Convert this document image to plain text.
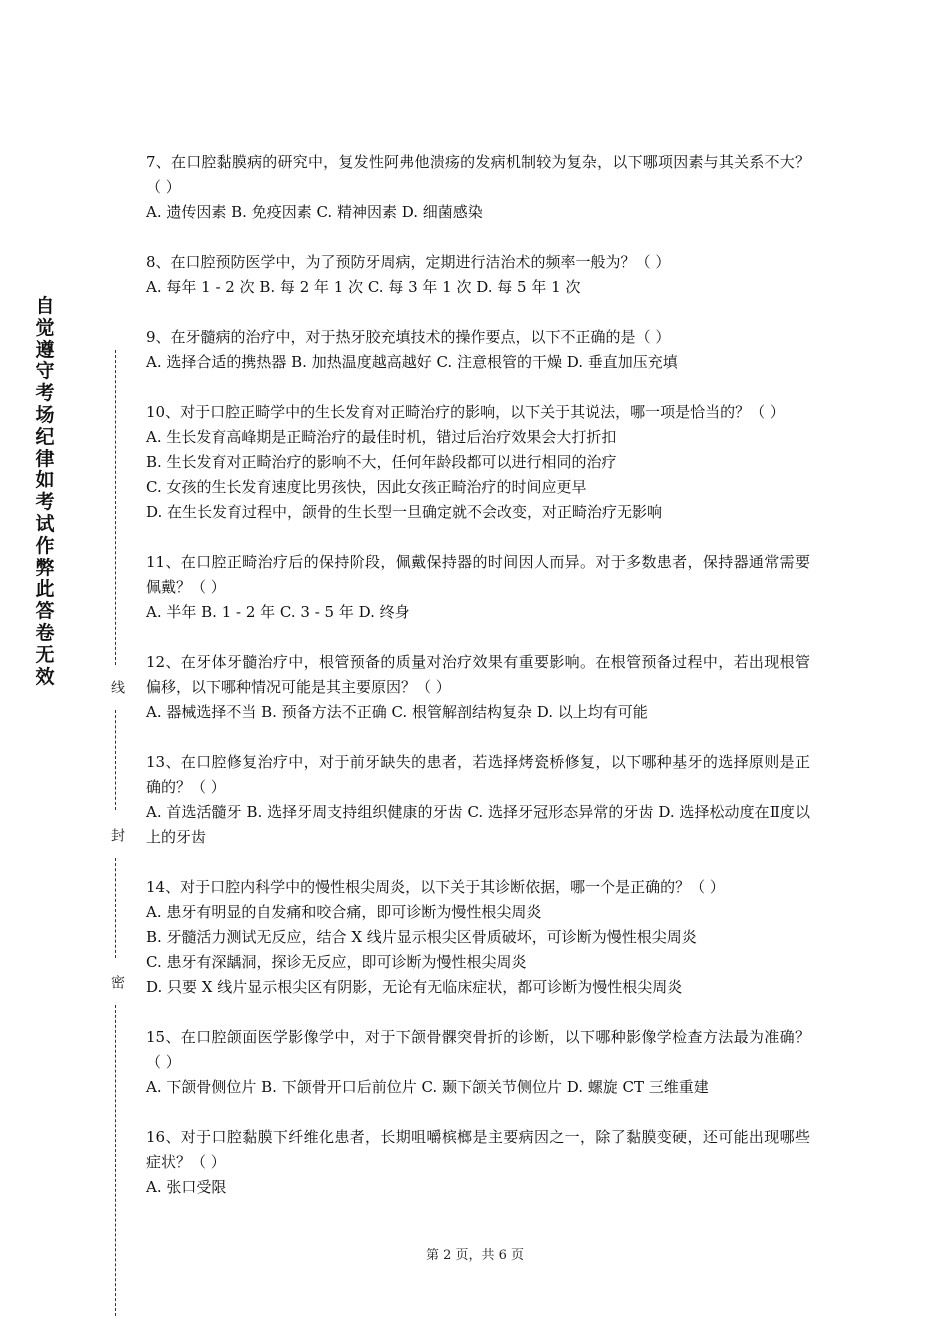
自觉遵守考场纪律如考试作弊此答卷无效	线
封
密

7、在口腔黏膜病的研究中，复发性阿弗他溃疡的发病机制较为复杂，以下哪项因素与其关系不大？（ ）

A. 遗传因素 B. 免疫因素 C. 精神因素 D. 细菌感染

8、在口腔预防医学中，为了预防牙周病，定期进行洁治术的频率一般为？（ ）

A. 每年 1 - 2 次 B. 每 2 年 1 次 C. 每 3 年 1 次 D. 每 5 年 1 次

9、在牙髓病的治疗中，对于热牙胶充填技术的操作要点，以下不正确的是（ ）

A. 选择合适的携热器 B. 加热温度越高越好 C. 注意根管的干燥 D. 垂直加压充填

10、对于口腔正畸学中的生长发育对正畸治疗的影响，以下关于其说法，哪一项是恰当的？（ ）

A. 生长发育高峰期是正畸治疗的最佳时机，错过后治疗效果会大打折扣

B. 生长发育对正畸治疗的影响不大，任何年龄段都可以进行相同的治疗

C. 女孩的生长发育速度比男孩快，因此女孩正畸治疗的时间应更早

D. 在生长发育过程中，颌骨的生长型一旦确定就不会改变，对正畸治疗无影响

11、在口腔正畸治疗后的保持阶段，佩戴保持器的时间因人而异。对于多数患者，保持器通常需要佩戴？（ ）

A. 半年 B. 1 - 2 年 C. 3 - 5 年 D. 终身

12、在牙体牙髓治疗中，根管预备的质量对治疗效果有重要影响。在根管预备过程中，若出现根管偏移，以下哪种情况可能是其主要原因？（ ）

A. 器械选择不当 B. 预备方法不正确 C. 根管解剖结构复杂 D. 以上均有可能

13、在口腔修复治疗中，对于前牙缺失的患者，若选择烤瓷桥修复，以下哪种基牙的选择原则是正确的？（ ）

A. 首选活髓牙 B. 选择牙周支持组织健康的牙齿 C. 选择牙冠形态异常的牙齿 D. 选择松动度在Ⅱ度以上的牙齿

14、对于口腔内科学中的慢性根尖周炎，以下关于其诊断依据，哪一个是正确的？（ ）

A. 患牙有明显的自发痛和咬合痛，即可诊断为慢性根尖周炎

B. 牙髓活力测试无反应，结合 X 线片显示根尖区骨质破坏，可诊断为慢性根尖周炎

C. 患牙有深龋洞，探诊无反应，即可诊断为慢性根尖周炎

D. 只要 X 线片显示根尖区有阴影，无论有无临床症状，都可诊断为慢性根尖周炎

15、在口腔颌面医学影像学中，对于下颌骨髁突骨折的诊断，以下哪种影像学检查方法最为准确？（ ）

A. 下颌骨侧位片 B. 下颌骨开口后前位片 C. 颞下颌关节侧位片 D. 螺旋 CT 三维重建

16、对于口腔黏膜下纤维化患者，长期咀嚼槟榔是主要病因之一，除了黏膜变硬，还可能出现哪些症状？（ ）

A. 张口受限

第 2 页，共 6 页
